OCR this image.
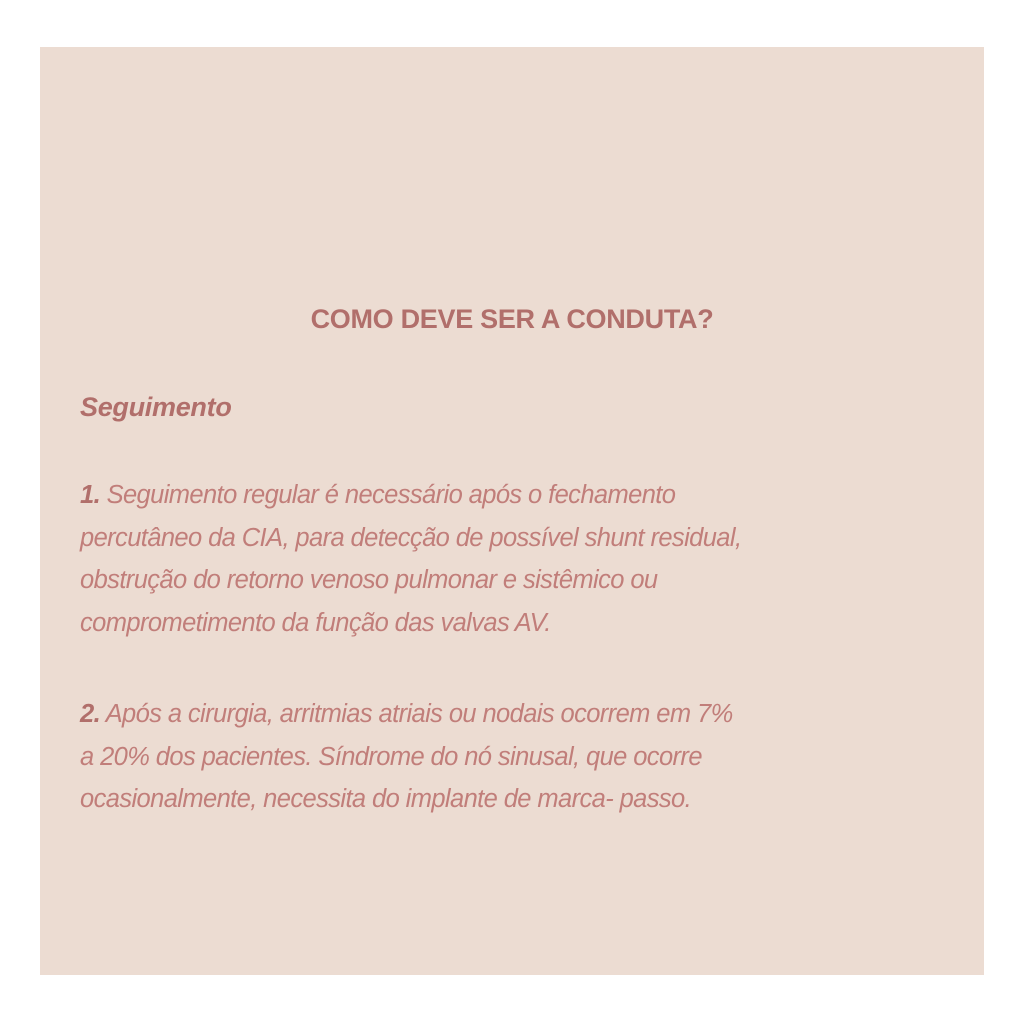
COMO DEVE SER A CONDUTA?
Seguimento
1. Seguimento regular é necessário após o fechamento
percutâneo da CIA, para detecção de possível shunt residual,
obstrução do retorno venoso pulmonar e sistêmico ou
comprometimento da função das valvas AV.
2. Após a cirurgia, arritmias atriais ou nodais ocorrem em 7%
a 20% dos pacientes. Síndrome do nó sinusal, que ocorre
ocasionalmente, necessita do implante de marca- passo.
